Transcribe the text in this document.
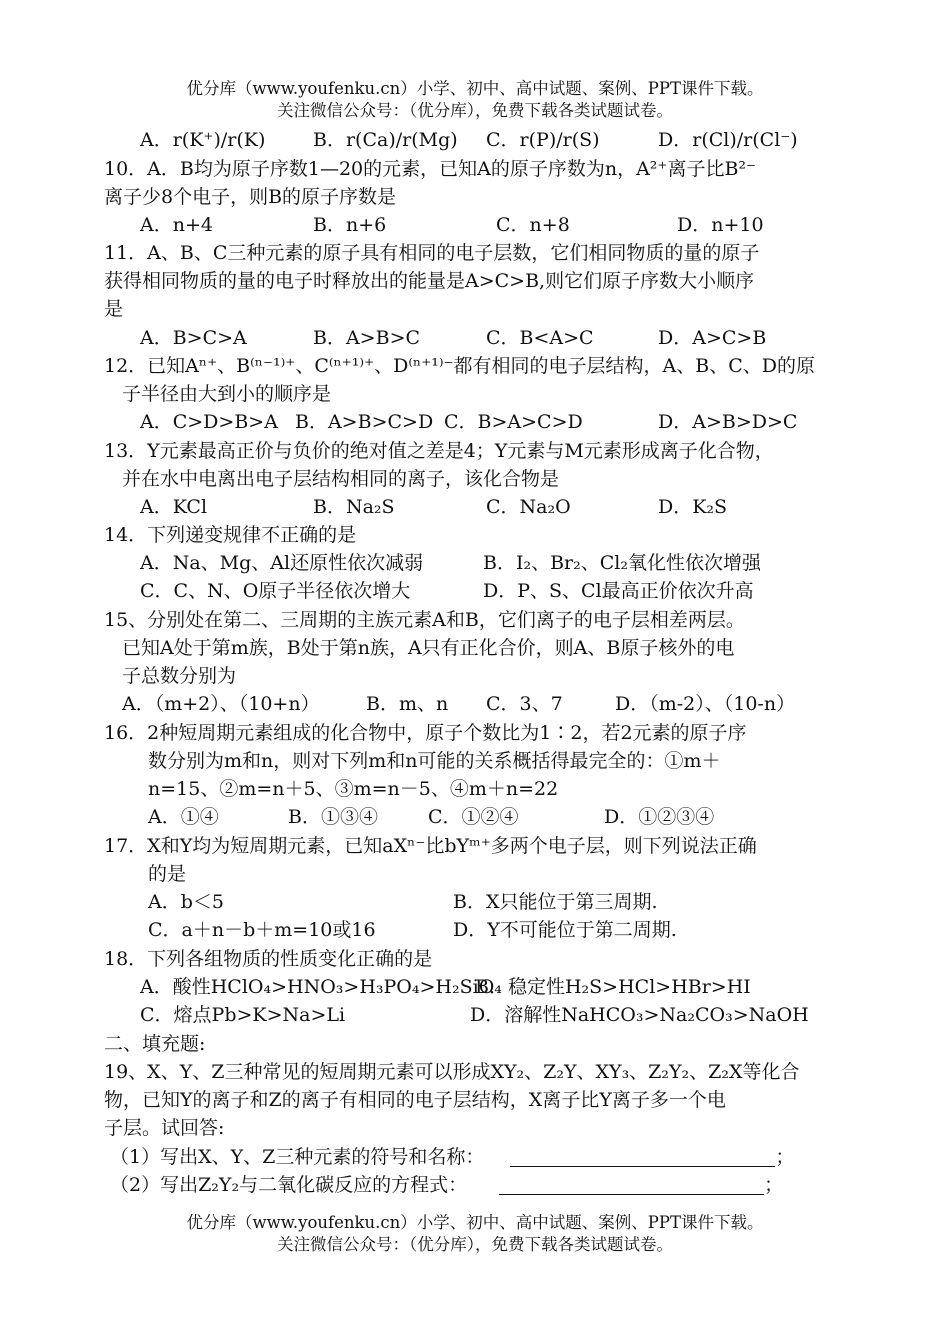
优分库（www.youfenku.cn）小学、初中、高中试题、案例、PPT课件下载。
关注微信公众号：（优分库），免费下载各类试题试卷。
A．r(K⁺)/r(K)	B．r(Ca)/r(Mg) C．r(P)/r(S)	D．r(Cl)/r(Cl⁻)
10．A．B均为原子序数1—20的元素，已知A的原子序数为n，A²⁺离子比B²⁻
离子少8个电子，则B的原子序数是
A．n+4	B．n+6	C．n+8	D．n+10
11．A、B、C三种元素的原子具有相同的电子层数，它们相同物质的量的原子
获得相同物质的量的电子时释放出的能量是A>C>B,则它们原子序数大小顺序
是
A．B>C>A	B．A>B>C	C．B<A>C	D．A>C>B
12．已知Aⁿ⁺、B⁽ⁿ⁻¹⁾⁺、C⁽ⁿ⁺¹⁾⁺、D⁽ⁿ⁺¹⁾⁻都有相同的电子层结构，A、B、C、D的原
子半径由大到小的顺序是
A．C>D>B>A B．A>B>C>D C．B>A>C>D	D．A>B>D>C
13．Y元素最高正价与负价的绝对值之差是4；Y元素与M元素形成离子化合物，
并在水中电离出电子层结构相同的离子，该化合物是
A．KCl	B．Na₂S	C．Na₂O	D．K₂S
14．下列递变规律不正确的是
A．Na、Mg、Al还原性依次减弱	B．I₂、Br₂、Cl₂氧化性依次增强
C．C、N、O原子半径依次增大	D．P、S、Cl最高正价依次升高
15、分别处在第二、三周期的主族元素A和B，它们离子的电子层相差两层。
已知A处于第m族，B处于第n族，A只有正化合价，则A、B原子核外的电
子总数分别为
A．（m+2）、（10+n） B．m、n C．3、7	D．（m-2）、（10-n）
16．2种短周期元素组成的化合物中，原子个数比为1∶2，若2元素的原子序
数分别为m和n，则对下列m和n可能的关系概括得最完全的：①m＋
n=15、②m=n＋5、③m=n－5、④m＋n=22
A．①④	B．①③④	C．①②④	D．①②③④
17．X和Y均为短周期元素，已知aXⁿ⁻比bYᵐ⁺多两个电子层，则下列说法正确
的是
A．b＜5	B．X只能位于第三周期.
C．a＋n－b＋m=10或16	D．Y不可能位于第二周期.
18．下列各组物质的性质变化正确的是
A．酸性HClO₄>HNO₃>H₃PO₄>H₂SiO₄
B．稳定性H₂S>HCl>HBr>HI
C．熔点Pb>K>Na>Li	D．溶解性NaHCO₃>Na₂CO₃>NaOH
二、填充题:
19、X、Y、Z三种常见的短周期元素可以形成XY₂、Z₂Y、XY₃、Z₂Y₂、Z₂X等化合
物，已知Y的离子和Z的离子有相同的电子层结构，X离子比Y离子多一个电
子层。试回答:
（1）写出X、Y、Z三种元素的符号和名称：	；
（2）写出Z₂Y₂与二氧化碳反应的方程式：	；
优分库（www.youfenku.cn）小学、初中、高中试题、案例、PPT课件下载。
关注微信公众号：（优分库），免费下载各类试题试卷。
